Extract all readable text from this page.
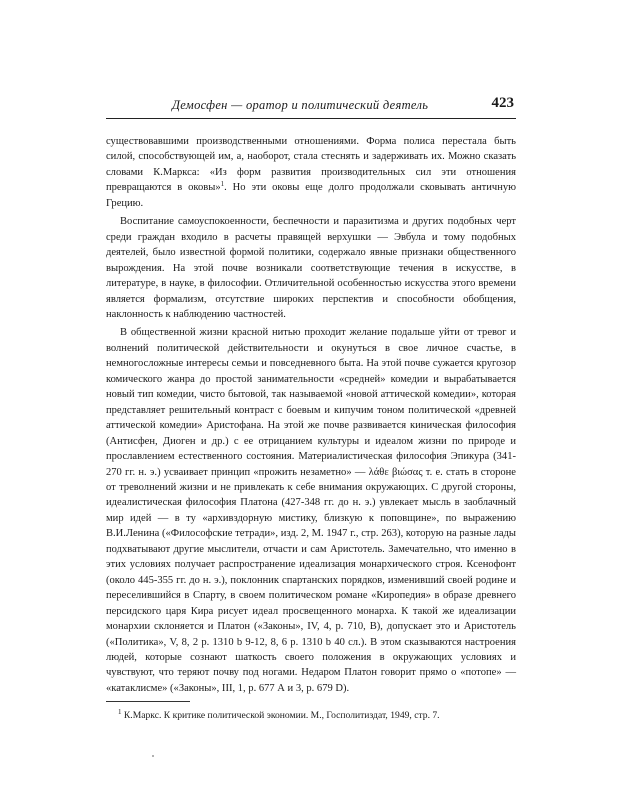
Демосфен — оратор и политический деятель	423

существовавшими производственными отношениями. Форма полиса перестала быть силой, способствующей им, а, наоборот, стала стеснять и задерживать их. Можно сказать словами К.Маркса: «Из форм развития производительных сил эти отношения превращаются в оковы»$^1$. Но эти оковы еще долго продолжали сковывать античную Грецию.

Воспитание самоуспокоенности, беспечности и паразитизма и других подобных черт среди граждан входило в расчеты правящей верхушки — Эвбула и тому подобных деятелей, было известной формой политики, содержало явные признаки общественного вырождения. На этой почве возникали соответствующие течения в искусстве, в литературе, в науке, в философии. Отличительной особенностью искусства этого времени является формализм, отсутствие широких перспектив и способности обобщения, наклонность к наблюдению частностей.

В общественной жизни красной нитью проходит желание подальше уйти от тревог и волнений политической действительности и окунуться в свое личное счастье, в немногосложные интересы семьи и повседневного быта. На этой почве сужается кругозор комического жанра до простой занимательности «средней» комедии и вырабатывается новый тип комедии, чисто бытовой, так называемой «новой аттической комедии», которая представляет решительный контраст с боевым и кипучим тоном политической «древней аттической комедии» Аристофана. На этой же почве развивается киническая философия (Антисфен, Диоген и др.) с ее отрицанием культуры и идеалом жизни по природе и прославлением естественного состояния. Материалистическая философия Эпикура (341-270 гг. н. э.) усваивает принцип «прожить незаметно» — λάθε βιώσας т. е. стать в стороне от треволнений жизни и не привлекать к себе внимания окружающих. С другой стороны, идеалистическая философия Платона (427-348 гг. до н. э.) увлекает мысль в заоблачный мир идей — в ту «архивздорную мистику, близкую к поповщине», по выражению В.И.Ленина («Философские тетради», изд. 2, М. 1947 г., стр. 263), которую на разные лады подхватывают другие мыслители, отчасти и сам Аристотель. Замечательно, что именно в этих условиях получает распространение идеализация монархического строя. Ксенофонт (около 445-355 гг. до н. э.), поклонник спартанских порядков, изменивший своей родине и переселившийся в Спарту, в своем политическом романе «Киропедия» в образе древнего персидского царя Кира рисует идеал просвещенного монарха. К такой же идеализации монархии склоняется и Платон («Законы», IV, 4, р. 710, В), допускает это и Аристотель («Политика», V, 8, 2 р. 1310 b 9-12, 8, 6 р. 1310 b 40 сл.). В этом сказываются настроения людей, которые сознают шаткость своего положения в окружающих условиях и чувствуют, что теряют почву под ногами. Недаром Платон говорит прямо о «потопе» — «катаклисме» («Законы», III, 1, р. 677 А и 3, р. 679 D).

$^1$ К.Маркс. К критике политической экономии. М., Госполитиздат, 1949, стр. 7.
